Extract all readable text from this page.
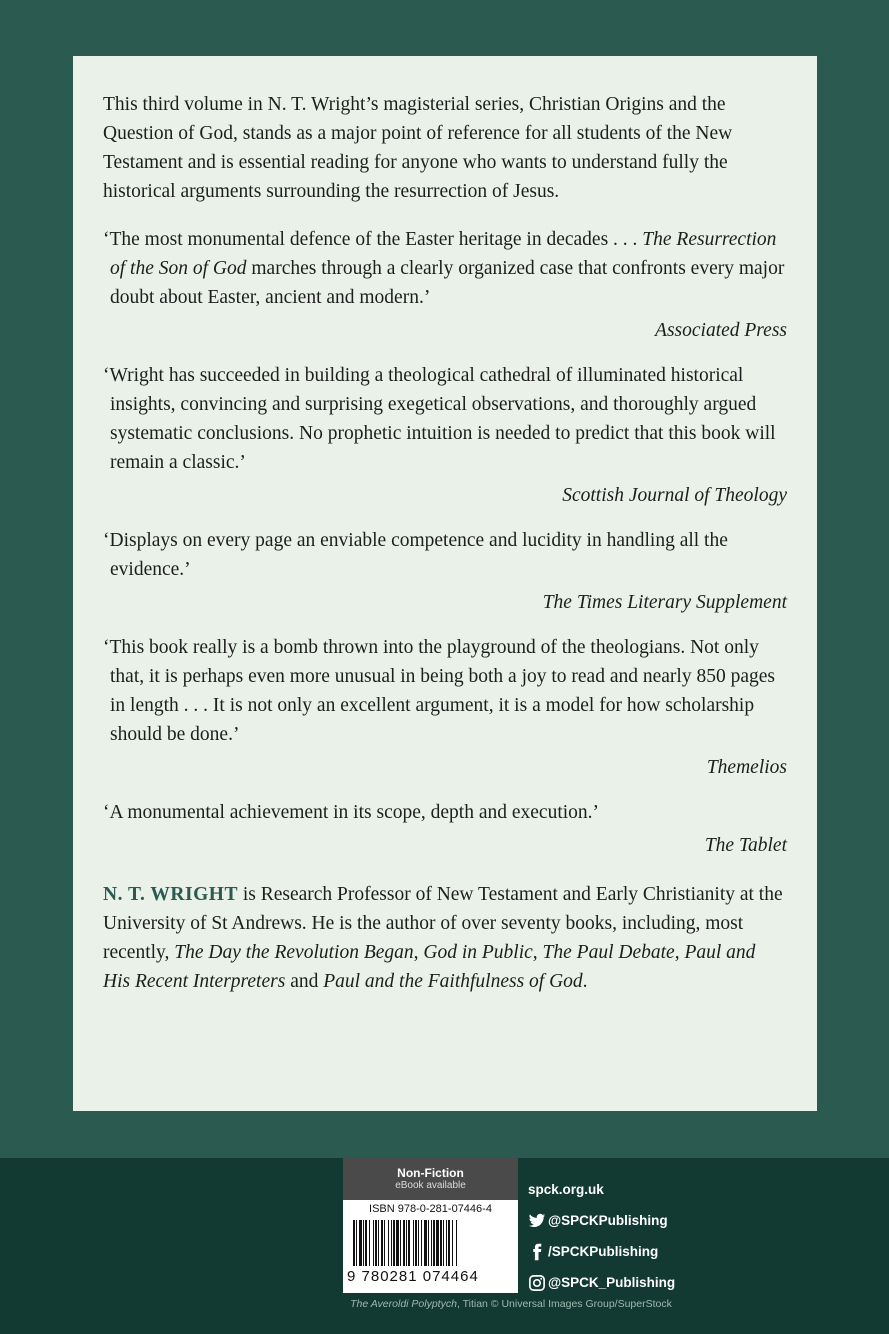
This third volume in N. T. Wright’s magisterial series, Christian Origins and the Question of God, stands as a major point of reference for all students of the New Testament and is essential reading for anyone who wants to understand fully the historical arguments surrounding the resurrection of Jesus.

‘The most monumental defence of the Easter heritage in decades . . . The Resurrection of the Son of God marches through a clearly organized case that confronts every major doubt about Easter, ancient and modern.’

Associated Press

‘Wright has succeeded in building a theological cathedral of illuminated historical insights, convincing and surprising exegetical observations, and thoroughly argued systematic conclusions. No prophetic intuition is needed to predict that this book will remain a classic.’

Scottish Journal of Theology

‘Displays on every page an enviable competence and lucidity in handling all the evidence.’

The Times Literary Supplement

‘This book really is a bomb thrown into the playground of the theologians. Not only that, it is perhaps even more unusual in being both a joy to read and nearly 850 pages in length . . . It is not only an excellent argument, it is a model for how scholarship should be done.’

Themelios

‘A monumental achievement in its scope, depth and execution.’

The Tablet

N. T. WRIGHT is Research Professor of New Testament and Early Christianity at the University of St Andrews. He is the author of over seventy books, including, most recently, The Day the Revolution Began, God in Public, The Paul Debate, Paul and His Recent Interpreters and Paul and the Faithfulness of God.

Non-Fiction
eBook available
ISBN 978-0-281-07446-4
9 780281 074464
spck.org.uk
@SPCKPublishing
/SPCKPublishing
@SPCK_Publishing
The Averoldi Polyptych, Titian © Universal Images Group/SuperStock
